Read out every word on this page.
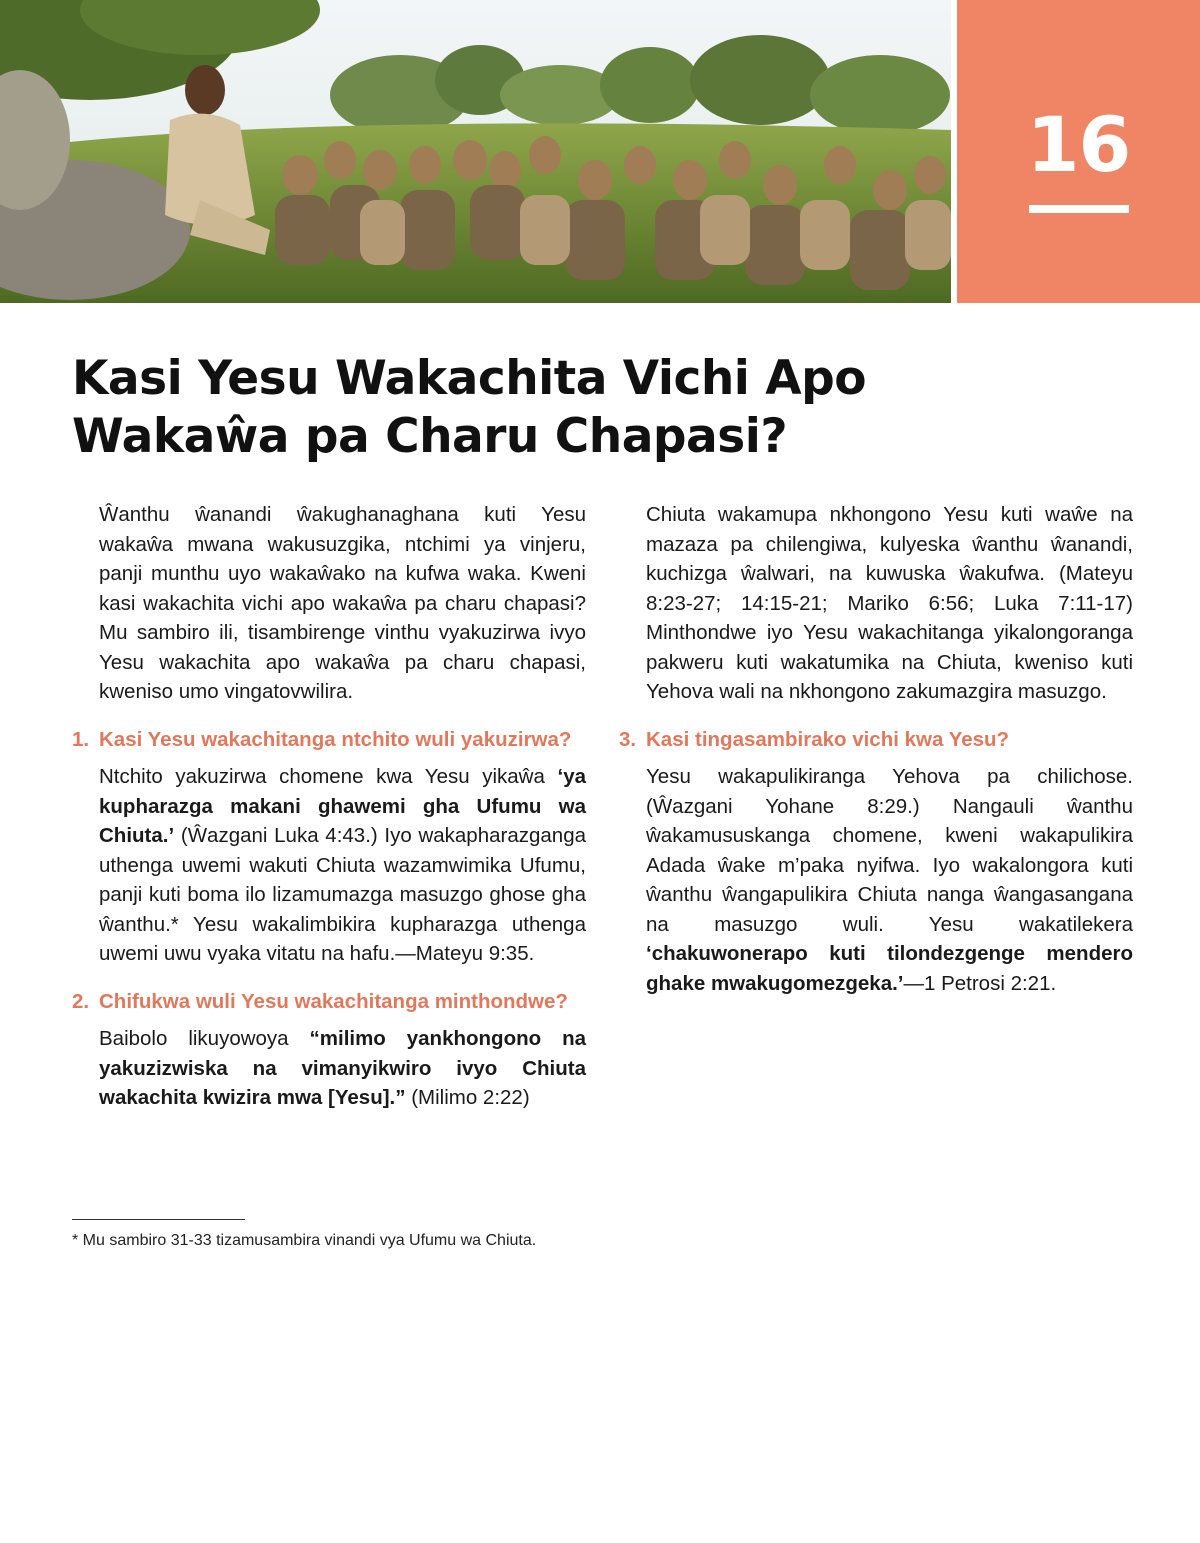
16
Kasi Yesu Wakachita Vichi Apo
Wakaŵa pa Charu Chapasi?

Ŵanthu ŵanandi ŵakughanaghana kuti Yesu wakaŵa mwana wakusuzgika, ntchimi ya vinjeru, panji munthu uyo wakaŵako na kufwa waka. Kweni kasi wakachita vichi apo wakaŵa pa charu chapasi? Mu sambiro ili, tisambirenge vinthu vyakuzirwa ivyo Yesu wakachita apo wakaŵa pa charu chapasi, kweniso umo vingatovwilira.

1. Kasi Yesu wakachitanga ntchito wuli yakuzirwa?

Ntchito yakuzirwa chomene kwa Yesu yikaŵa ‘ya kupharazga makani ghawemi gha Ufumu wa Chiuta.’ (Ŵazgani Luka 4:43.) Iyo wakapharazganga uthenga uwemi wakuti Chiuta wazamwimika Ufumu, panji kuti boma ilo lizamumazga masuzgo ghose gha ŵanthu.* Yesu wakalimbikira kupharazga uthenga uwemi uwu vyaka vitatu na hafu.—Mateyu 9:35.

2. Chifukwa wuli Yesu wakachitanga minthondwe?

Baibolo likuyowoya “milimo yankhongono na yakuzizwiska na vimanyikwiro ivyo Chiuta wakachita kwizira mwa [Yesu].” (Milimo 2:22)

Chiuta wakamupa nkhongono Yesu kuti waŵe na mazaza pa chilengiwa, kulyeska ŵanthu ŵanandi, kuchizga ŵalwari, na kuwuska ŵakufwa. (Mateyu 8:23-27; 14:15-21; Mariko 6:56; Luka 7:11-17) Minthondwe iyo Yesu wakachitanga yikalongoranga pakweru kuti wakatumika na Chiuta, kweniso kuti Yehova wali na nkhongono zakumazgira masuzgo.

3. Kasi tingasambirako vichi kwa Yesu?

Yesu wakapulikiranga Yehova pa chilichose. (Ŵazgani Yohane 8:29.) Nangauli ŵanthu ŵakamususkanga chomene, kweni wakapulikira Adada ŵake m’paka nyifwa. Iyo wakalongora kuti ŵanthu ŵangapulikira Chiuta nanga ŵangasangana na masuzgo wuli. Yesu wakatilekera ‘chakuwonerapo kuti tilondezgenge mendero ghake mwakugomezgeka.’—1 Petrosi 2:21.

* Mu sambiro 31-33 tizamusambira vinandi vya Ufumu wa Chiuta.
